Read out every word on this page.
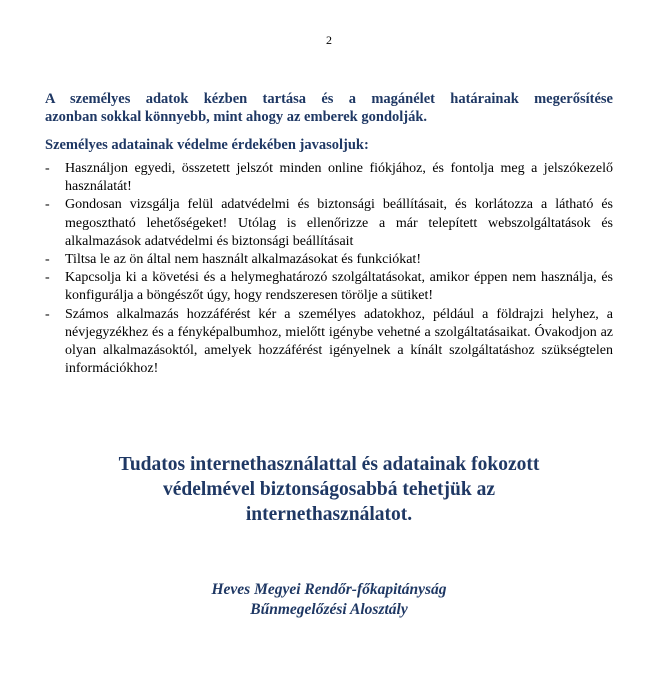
2

A személyes adatok kézben tartása és a magánélet határainak megerősítése
azonban sokkal könnyebb, mint ahogy az emberek gondolják.

Személyes adatainak védelme érdekében javasoljuk:
- Használjon egyedi, összetett jelszót minden online fiókjához, és fontolja meg a jelszókezelő használatát!
- Gondosan vizsgálja felül adatvédelmi és biztonsági beállításait, és korlátozza a látható és megosztható lehetőségeket! Utólag is ellenőrizze a már telepített webszolgáltatások és alkalmazások adatvédelmi és biztonsági beállításait
- Tiltsa le az ön által nem használt alkalmazásokat és funkciókat!
- Kapcsolja ki a követési és a helymeghatározó szolgáltatásokat, amikor éppen nem használja, és konfigurálja a böngészőt úgy, hogy rendszeresen törölje a sütiket!
- Számos alkalmazás hozzáférést kér a személyes adatokhoz, például a földrajzi helyhez, a névjegyzékhez és a fényképalbumhoz, mielőtt igénybe vehetné a szolgáltatásaikat. Óvakodjon az olyan alkalmazásoktól, amelyek hozzáférést igényelnek a kínált szolgáltatáshoz szükségtelen információkhoz!
Tudatos internethasználattal és adatainak fokozott
védelmével biztonságosabbá tehetjük az
internethasználatot.
Heves Megyei Rendőr-főkapitányság
Bűnmegelőzési Alosztály
